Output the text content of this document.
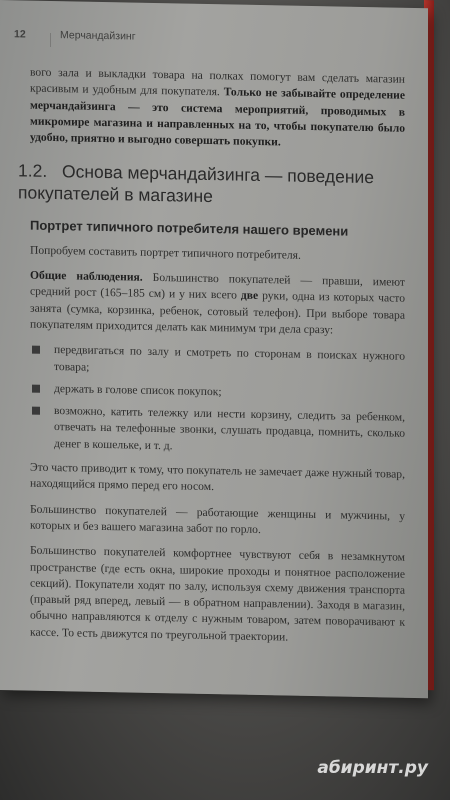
12	Мерчандайзинг

вого зала и выкладки товара на полках помогут вам сделать магазин красивым и удобным для покупателя. Только не забывайте определение мерчандайзинга — это система мероприятий, проводимых в микромире магазина и направленных на то, чтобы покупателю было удобно, приятно и выгодно совершать покупки.

1.2. Основа мерчандайзинга — поведение покупателей в магазине
Портрет типичного потребителя нашего времени

Попробуем составить портрет типичного потребителя.

Общие наблюдения. Большинство покупателей — правши, имеют средний рост (165–185 см) и у них всего две руки, одна из которых часто занята (сумка, корзинка, ребенок, сотовый телефон). При выборе товара покупателям приходится делать как минимум три дела сразу:

передвигаться по залу и смотреть по сторонам в поисках нужного товара;
держать в голове список покупок;
возможно, катить тележку или нести корзину, следить за ребенком, отвечать на телефонные звонки, слушать продавца, помнить, сколько денег в кошельке, и т. д.

Это часто приводит к тому, что покупатель не замечает даже нужный товар, находящийся прямо перед его носом.

Большинство покупателей — работающие женщины и мужчины, у которых и без вашего магазина забот по горло.

Большинство покупателей комфортнее чувствуют себя в незамкнутом пространстве (где есть окна, широкие проходы и понятное расположение секций). Покупатели ходят по залу, используя схему движения транспорта (правый ряд вперед, левый — в обратном направлении). Заходя в магазин, обычно направляются к отделу с нужным товаром, затем поворачивают к кассе. То есть движутся по треугольной траектории.

абиринт.ру
